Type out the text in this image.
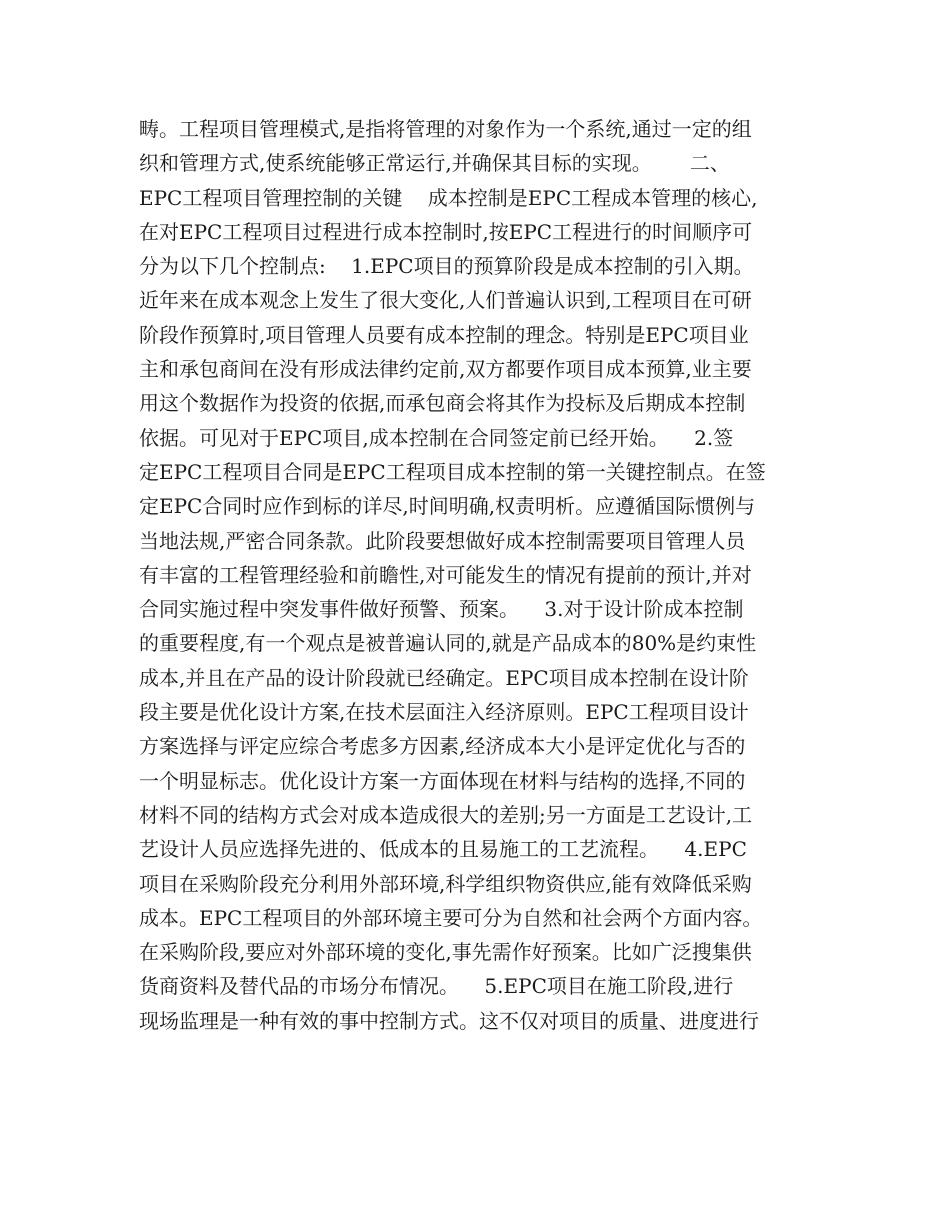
畴。工程项目管理模式,是指将管理的对象作为一个系统,通过一定的组
织和管理方式,使系统能够正常运行,并确保其目标的实现。      二、
EPC工程项目管理控制的关键    成本控制是EPC工程成本管理的核心,
在对EPC工程项目过程进行成本控制时,按EPC工程进行的时间顺序可
分为以下几个控制点:    1.EPC项目的预算阶段是成本控制的引入期。
近年来在成本观念上发生了很大变化,人们普遍认识到,工程项目在可研
阶段作预算时,项目管理人员要有成本控制的理念。特别是EPC项目业
主和承包商间在没有形成法律约定前,双方都要作项目成本预算,业主要
用这个数据作为投资的依据,而承包商会将其作为投标及后期成本控制
依据。可见对于EPC项目,成本控制在合同签定前已经开始。    2.签
定EPC工程项目合同是EPC工程项目成本控制的第一关键控制点。在签
定EPC合同时应作到标的详尽,时间明确,权责明析。应遵循国际惯例与
当地法规,严密合同条款。此阶段要想做好成本控制需要项目管理人员
有丰富的工程管理经验和前瞻性,对可能发生的情况有提前的预计,并对
合同实施过程中突发事件做好预警、预案。    3.对于设计阶成本控制
的重要程度,有一个观点是被普遍认同的,就是产品成本的80%是约束性
成本,并且在产品的设计阶段就已经确定。EPC项目成本控制在设计阶
段主要是优化设计方案,在技术层面注入经济原则。EPC工程项目设计
方案选择与评定应综合考虑多方因素,经济成本大小是评定优化与否的
一个明显标志。优化设计方案一方面体现在材料与结构的选择,不同的
材料不同的结构方式会对成本造成很大的差别;另一方面是工艺设计,工
艺设计人员应选择先进的、低成本的且易施工的工艺流程。    4.EPC
项目在采购阶段充分利用外部环境,科学组织物资供应,能有效降低采购
成本。EPC工程项目的外部环境主要可分为自然和社会两个方面内容。
在采购阶段,要应对外部环境的变化,事先需作好预案。比如广泛搜集供
货商资料及替代品的市场分布情况。    5.EPC项目在施工阶段,进行
现场监理是一种有效的事中控制方式。这不仅对项目的质量、进度进行
